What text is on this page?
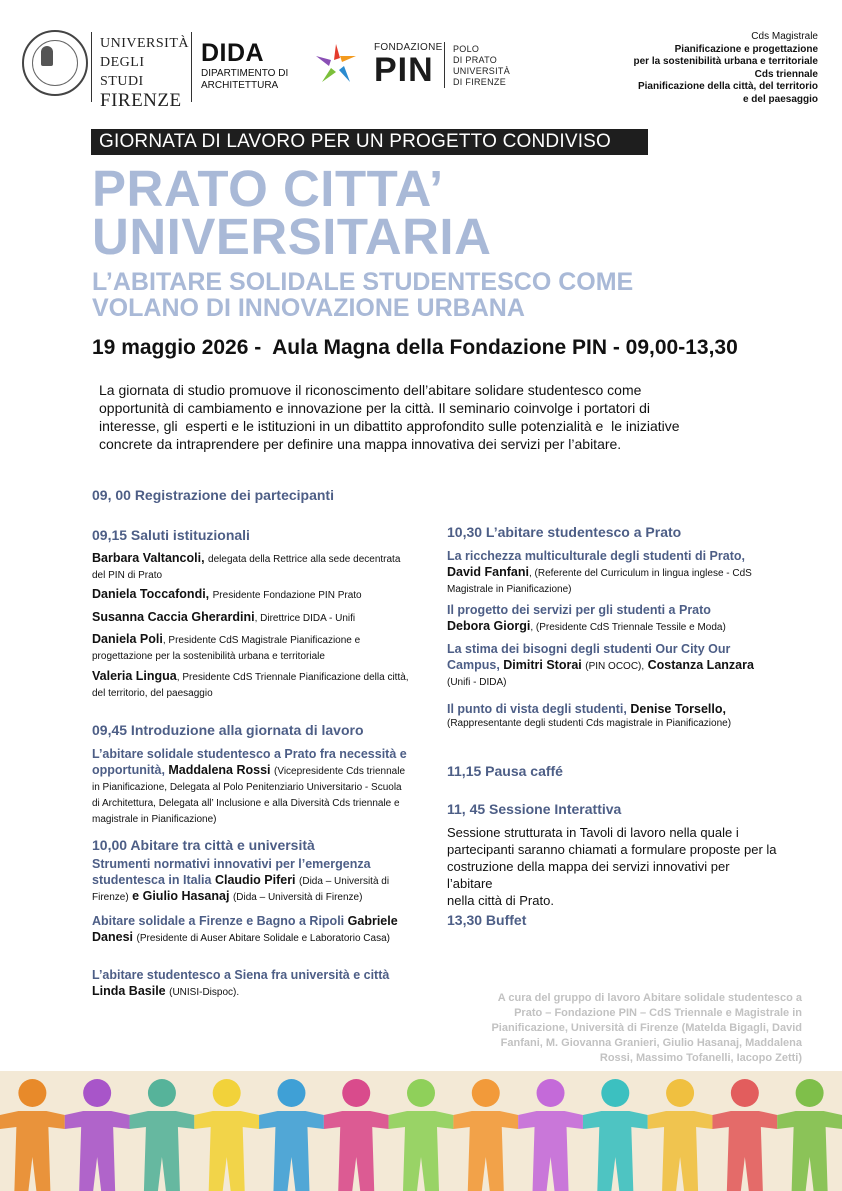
UNIVERSITÀ
DEGLI STUDI
FIRENZE
DIDA
DIPARTIMENTO DI
ARCHITETTURA
FONDAZIONE
PIN
POLO
DI PRATO
UNIVERSITÀ
DI FIRENZE
Cds Magistrale
Pianificazione e progettazione
per la sostenibilità urbana e territoriale
Cds triennale
Pianificazione della città, del territorio
e del paesaggio
GIORNATA DI LAVORO PER UN PROGETTO CONDIVISO
PRATO CITTA’
UNIVERSITARIA
L’ABITARE SOLIDALE STUDENTESCO COME
VOLANO DI INNOVAZIONE URBANA
19 maggio 2026 -  Aula Magna della Fondazione PIN - 09,00-13,30
La giornata di studio promuove il riconoscimento dell’abitare solidare studentesco come
opportunità di cambiamento e innovazione per la città. Il seminario coinvolge i portatori di
interesse, gli  esperti e le istituzioni in un dibattito approfondito sulle potenzialità e  le iniziative
concrete da intraprendere per definire una mappa innovativa dei servizi per l’abitare.
09, 00 Registrazione dei partecipanti
09,15 Saluti istituzionali
Barbara Valtancoli, delegata della Rettrice alla sede decentrata del PIN di Prato
Daniela Toccafondi, Presidente Fondazione PIN Prato
Susanna Caccia Gherardini, Direttrice DIDA - Unifi
Daniela Poli, Presidente CdS Magistrale Pianificazione e progettazione per la sostenibilità urbana e territoriale
Valeria Lingua, Presidente CdS Triennale Pianificazione della città, del territorio, del paesaggio
09,45 Introduzione alla giornata di lavoro
L’abitare solidale studentesco a Prato fra necessità e opportunità, Maddalena Rossi (Vicepresidente Cds triennale in Pianificazione, Delegata al Polo Penitenziario Universitario - Scuola di Architettura, Delegata all’ Inclusione e alla Diversità Cds triennale e magistrale in Pianificazione)
10,00 Abitare tra città e università
Strumenti normativi innovativi per l’emergenza studentesca in Italia Claudio Piferi (Dida – Università di Firenze) e Giulio Hasanaj (Dida – Università di Firenze)
Abitare solidale a Firenze e Bagno a Ripoli Gabriele Danesi (Presidente di Auser Abitare Solidale e Laboratorio Casa)
L’abitare studentesco a Siena fra università e città Linda Basile (UNISI-Dispoc).
10,30 L’abitare studentesco a Prato
La ricchezza multiculturale degli studenti di Prato, David Fanfani, (Referente del Curriculum in lingua inglese - CdS Magistrale in Pianificazione)
Il progetto dei servizi per gli studenti a Prato
Debora Giorgi, (Presidente CdS Triennale Tessile e Moda)
La stima dei bisogni degli studenti Our City Our Campus, Dimitri Storai (PIN OCOC), Costanza Lanzara (Unifi - DIDA)
Il punto di vista degli studenti, Denise Torsello,
(Rappresentante degli studenti Cds magistrale in Pianificazione)
11,15 Pausa caffé
11, 45 Sessione Interattiva
Sessione strutturata in Tavoli di lavoro nella quale i
partecipanti saranno chiamati a formulare proposte per la
costruzione della mappa dei servizi innovativi per l’abitare
nella città di Prato.
13,30 Buffet
A cura del gruppo di lavoro Abitare solidale studentesco a
Prato – Fondazione PIN – CdS Triennale e Magistrale in
Pianificazione, Università di Firenze (Matelda Bigagli, David
Fanfani, M. Giovanna Granieri, Giulio Hasanaj, Maddalena
Rossi, Massimo Tofanelli, Iacopo Zetti)
